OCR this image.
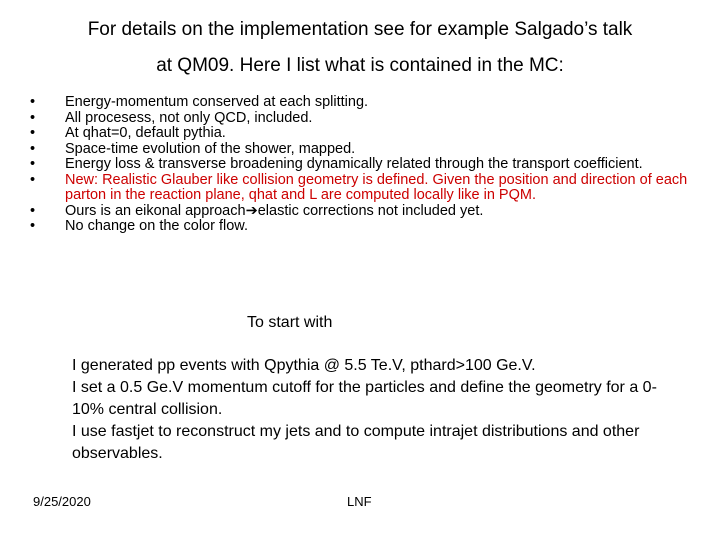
For details on the implementation see for example Salgado’s talk
at QM09. Here I list what is contained in the MC:
•	Energy-momentum conserved at each splitting.
•	All procesess, not only QCD, included.
•	At qhat=0, default pythia.
•	Space-time evolution of the shower, mapped.
•	Energy loss & transverse broadening dynamically related through the transport coefficient.
•	New: Realistic Glauber like collision geometry is defined. Given the position and direction of each parton in the reaction plane, qhat and L are computed locally like in PQM.
•	Ours is an eikonal approach➔elastic corrections not included yet.
•	No change on the color flow.
To start with
I generated pp events with Qpythia @ 5.5 Te.V, pthard>100 Ge.V.
I set a 0.5 Ge.V momentum cutoff for the particles and define the geometry for a 0-10% central collision.
I use fastjet to reconstruct my jets and to compute intrajet distributions and other observables.
9/25/2020	LNF
